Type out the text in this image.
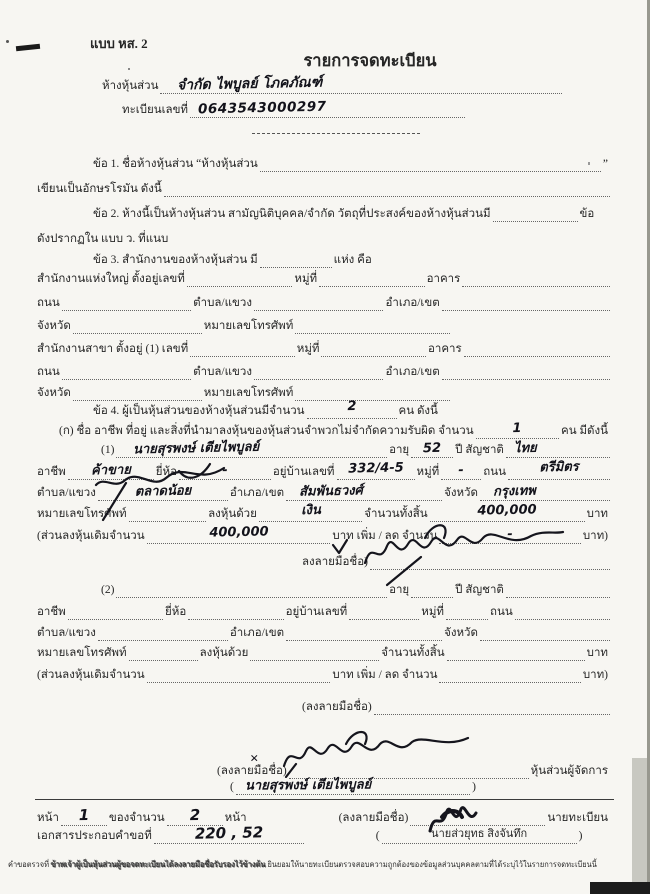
แบบ หส. 2
รายการจดทะเบียน
ห้างหุ้นส่วน จำกัด ไพบูลย์ โภคภัณฑ์
ทะเบียนเลขที่ 0643543000297
ข้อ 1. ชื่อห้างหุ้นส่วน “ห้างหุ้นส่วน	”
เขียนเป็นอักษรโรมัน ดังนี้
ข้อ 2. ห้างนี้เป็นห้างหุ้นส่วน สามัญนิติบุคคล/จำกัด วัตถุที่ประสงค์ของห้างหุ้นส่วนมี	ข้อ
ดังปรากฏใน แบบ ว. ที่แนบ
ข้อ 3. สำนักงานของห้างหุ้นส่วน มี	แห่ง คือ
สำนักงานแห่งใหญ่ ตั้งอยู่เลขที่	หมู่ที่	อาคาร
ถนน	ตำบล/แขวง	อำเภอ/เขต
จังหวัด	หมายเลขโทรศัพท์
สำนักงานสาขา ตั้งอยู่ (1) เลขที่	หมู่ที่	อาคาร
ถนน	ตำบล/แขวง	อำเภอ/เขต
จังหวัด	หมายเลขโทรศัพท์
ข้อ 4. ผู้เป็นหุ้นส่วนของห้างหุ้นส่วนมีจำนวน	2	คน ดังนี้
(ก) ชื่อ อาชีพ ที่อยู่ และสิ่งที่นำมาลงหุ้นของหุ้นส่วนจำพวกไม่จำกัดความรับผิด จำนวน	1	คน มีดังนี้
(1) นายสุรพงษ์ เตียไพบูลย์	อายุ 52 ปี สัญชาติ ไทย
อาชีพ ค้าขาย ยี่ห้อ	-	อยู่บ้านเลขที่ 332/4-5 หมู่ที่ - ถนน	ตรีมิตร
ตำบล/แขวง	ตลาดน้อย	อำเภอ/เขต สัมพันธวงศ์	จังหวัด กรุงเทพ
หมายเลขโทรศัพท์	ลงหุ้นด้วย	เงิน	จำนวนทั้งสิ้น	400,000	บาท
(ส่วนลงหุ้นเดิมจำนวน	400,000	บาท เพิ่ม / ลด จำนวน	-	บาท)
ลงลายมือชื่อ)
(2)	อายุ	ปี สัญชาติ
อาชีพ	ยี่ห้อ	อยู่บ้านเลขที่	หมู่ที่	ถนน
ตำบล/แขวง	อำเภอ/เขต	จังหวัด
หมายเลขโทรศัพท์	ลงหุ้นด้วย	จำนวนทั้งสิ้น	บาท
(ส่วนลงหุ้นเดิมจำนวน	บาท เพิ่ม / ลด จำนวน	บาท)
(ลงลายมือชื่อ)
(ลงลายมือชื่อ)	หุ้นส่วนผู้จัดการ
( นายสุรพงษ์ เตียไพบูลย์	)
หน้า 1 ของจำนวน 2 หน้า	(ลงลายมือชื่อ)	นายทะเบียน
เอกสารประกอบคำขอที่	220 , 52	(	นายส่วยุทธ สิงจันทึก	)
คำขอตรวจที่ ข้าพเจ้าผู้เป็นหุ้นส่วนผู้ขอจดทะเบียนได้ลงลายมือชื่อรับรองไว้ข้างต้น ยินยอมให้นายทะเบียนตรวจสอบความถูกต้องของข้อมูลส่วนบุคคลตามที่ได้ระบุไว้ในรายการจดทะเบียนนี้
×
